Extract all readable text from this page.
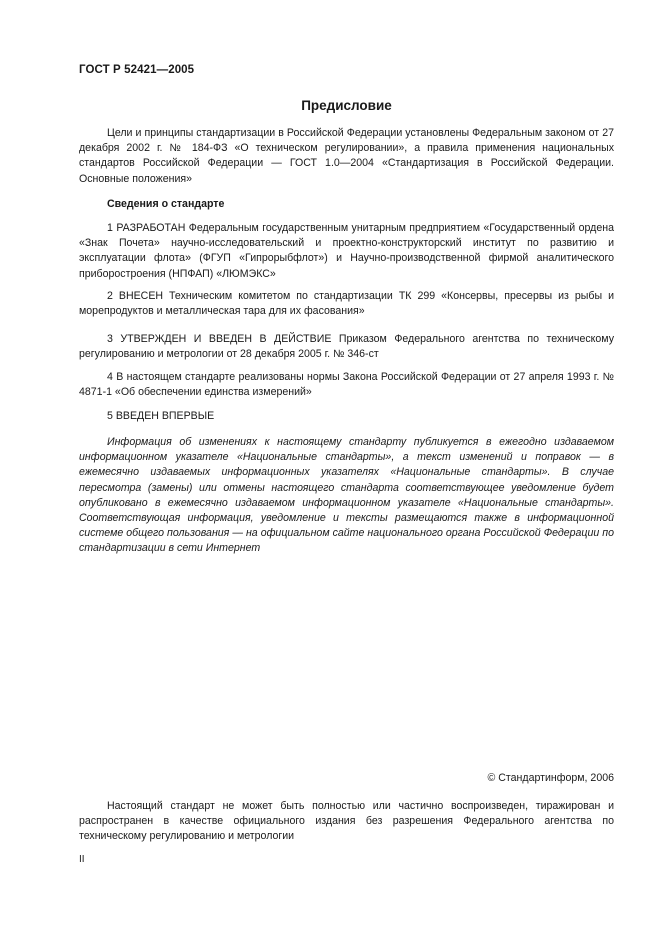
ГОСТ Р 52421—2005
Предисловие

Цели и принципы стандартизации в Российской Федерации установлены Федеральным законом от 27 декабря 2002 г. № 184-ФЗ «О техническом регулировании», а правила применения национальных стандартов Российской Федерации — ГОСТ 1.0—2004 «Стандартизация в Российской Федерации. Основные положения»

Сведения о стандарте

1 РАЗРАБОТАН Федеральным государственным унитарным предприятием «Государственный ордена «Знак Почета» научно-исследовательский и проектно-конструкторский институт по развитию и эксплуатации флота» (ФГУП «Гипрорыбфлот») и Научно-производственной фирмой аналитического приборостроения (НПФАП) «ЛЮМЭКС»

2 ВНЕСЕН Техническим комитетом по стандартизации ТК 299 «Консервы, пресервы из рыбы и морепродуктов и металлическая тара для их фасования»

3 УТВЕРЖДЕН И ВВЕДЕН В ДЕЙСТВИЕ Приказом Федерального агентства по техническому регулированию и метрологии от 28 декабря 2005 г. № 346-ст

4 В настоящем стандарте реализованы нормы Закона Российской Федерации от 27 апреля 1993 г. № 4871-1 «Об обеспечении единства измерений»

5 ВВЕДЕН ВПЕРВЫЕ

Информация об изменениях к настоящему стандарту публикуется в ежегодно издаваемом информационном указателе «Национальные стандарты», а текст изменений и поправок — в ежемесячно издаваемых информационных указателях «Национальные стандарты». В случае пересмотра (замены) или отмены настоящего стандарта соответствующее уведомление будет опубликовано в ежемесячно издаваемом информационном указателе «Национальные стандарты». Соответствующая информация, уведомление и тексты размещаются также в информационной системе общего пользования — на официальном сайте национального органа Российской Федерации по стандартизации в сети Интернет

© Стандартинформ, 2006

Настоящий стандарт не может быть полностью или частично воспроизведен, тиражирован и распространен в качестве официального издания без разрешения Федерального агентства по техническому регулированию и метрологии

II
